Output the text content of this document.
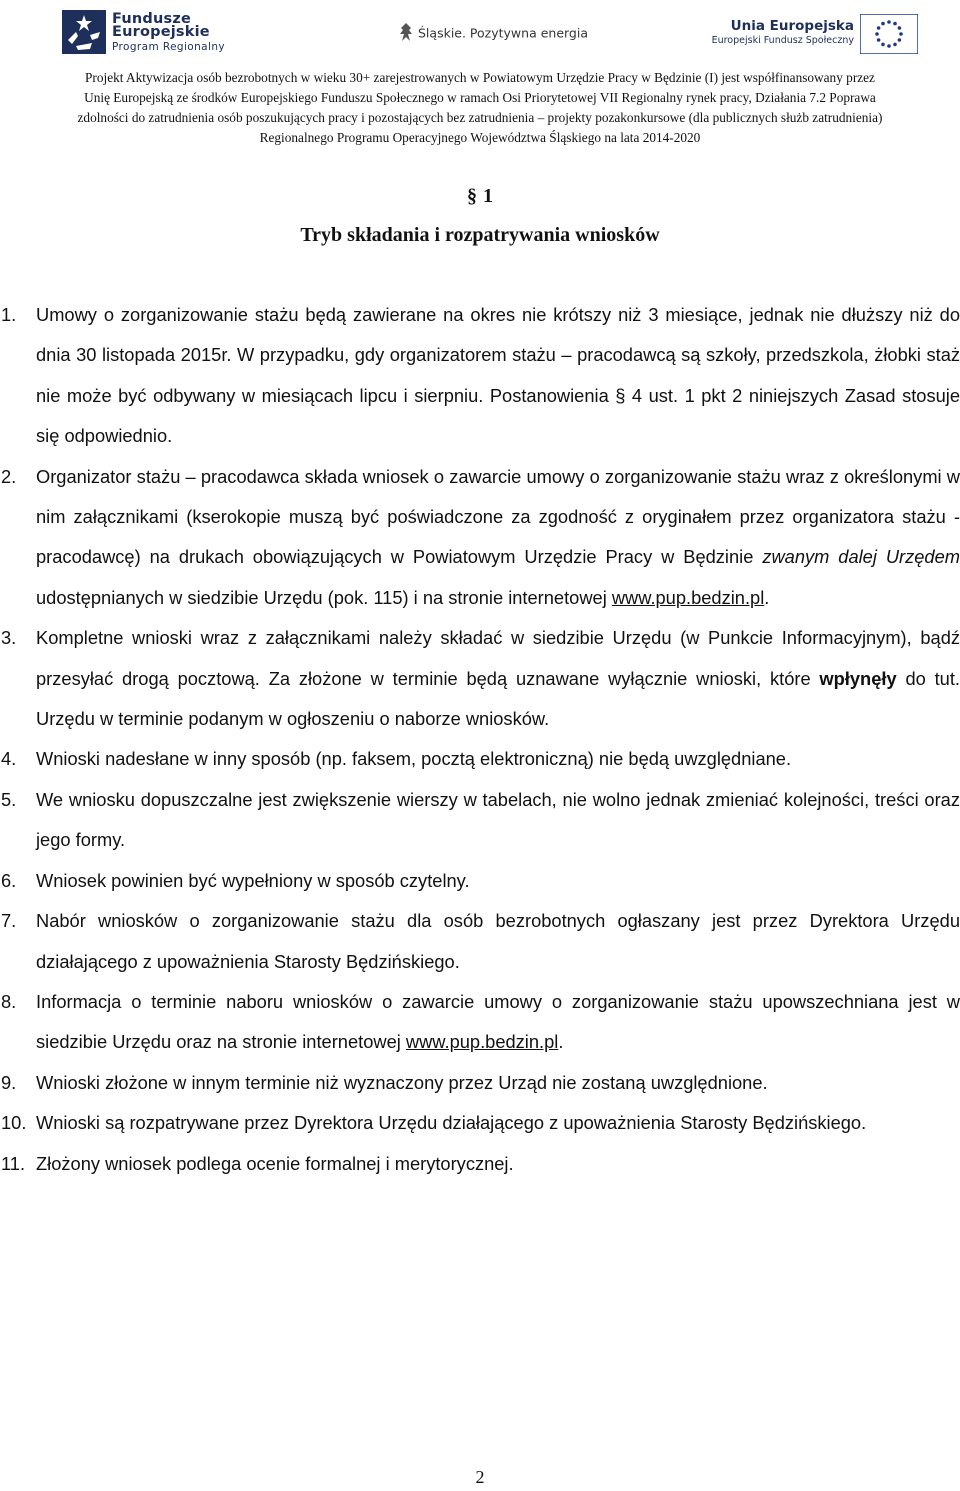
Fundusze
Europejskie
Program Regionalny
Śląskie. Pozytywna energia	Unia Europejska
Europejski Fundusz Społeczny
Projekt Aktywizacja osób bezrobotnych w wieku 30+ zarejestrowanych w Powiatowym Urzędzie Pracy w Będzinie (I) jest współfinansowany przez
Unię Europejską ze środków Europejskiego Funduszu Społecznego w ramach Osi Priorytetowej VII Regionalny rynek pracy, Działania 7.2 Poprawa
zdolności do zatrudnienia osób poszukujących pracy i pozostających bez zatrudnienia – projekty pozakonkursowe (dla publicznych służb zatrudnienia)
Regionalnego Programu Operacyjnego Województwa Śląskiego na lata 2014-2020
§ 1
Tryb składania i rozpatrywania wniosków
1.	Umowy o zorganizowanie stażu będą zawierane na okres nie krótszy niż 3 miesiące, jednak nie dłuższy niż do dnia 30 listopada 2015r. W przypadku, gdy organizatorem stażu – pracodawcą są szkoły, przedszkola, żłobki staż nie może być odbywany w miesiącach lipcu i sierpniu. Postanowienia § 4 ust. 1 pkt 2 niniejszych Zasad stosuje się odpowiednio.
2.	Organizator stażu – pracodawca składa wniosek o zawarcie umowy o zorganizowanie stażu wraz z określonymi w nim załącznikami (kserokopie muszą być poświadczone za zgodność z oryginałem przez organizatora stażu - pracodawcę) na drukach obowiązujących w Powiatowym Urzędzie Pracy w Będzinie zwanym dalej Urzędem udostępnianych w siedzibie Urzędu (pok. 115) i na stronie internetowej www.pup.bedzin.pl.
3.	Kompletne wnioski wraz z załącznikami należy składać w siedzibie Urzędu (w Punkcie Informacyjnym), bądź przesyłać drogą pocztową. Za złożone w terminie będą uznawane wyłącznie wnioski, które wpłynęły do tut. Urzędu w terminie podanym w ogłoszeniu o naborze wniosków.
4.	Wnioski nadesłane w inny sposób (np. faksem, pocztą elektroniczną) nie będą uwzględniane.
5.	We wniosku dopuszczalne jest zwiększenie wierszy w tabelach, nie wolno jednak zmieniać kolejności, treści oraz jego formy.
6.	Wniosek powinien być wypełniony w sposób czytelny.
7.	Nabór wniosków o zorganizowanie stażu dla osób bezrobotnych ogłaszany jest przez Dyrektora Urzędu działającego z upoważnienia Starosty Będzińskiego.
8.	Informacja o terminie naboru wniosków o zawarcie umowy o zorganizowanie stażu upowszechniana jest w siedzibie Urzędu oraz na stronie internetowej www.pup.bedzin.pl.
9.	Wnioski złożone w innym terminie niż wyznaczony przez Urząd nie zostaną uwzględnione.
10. Wnioski są rozpatrywane przez Dyrektora Urzędu działającego z upoważnienia Starosty Będzińskiego.
11. Złożony wniosek podlega ocenie formalnej i merytorycznej.
2
